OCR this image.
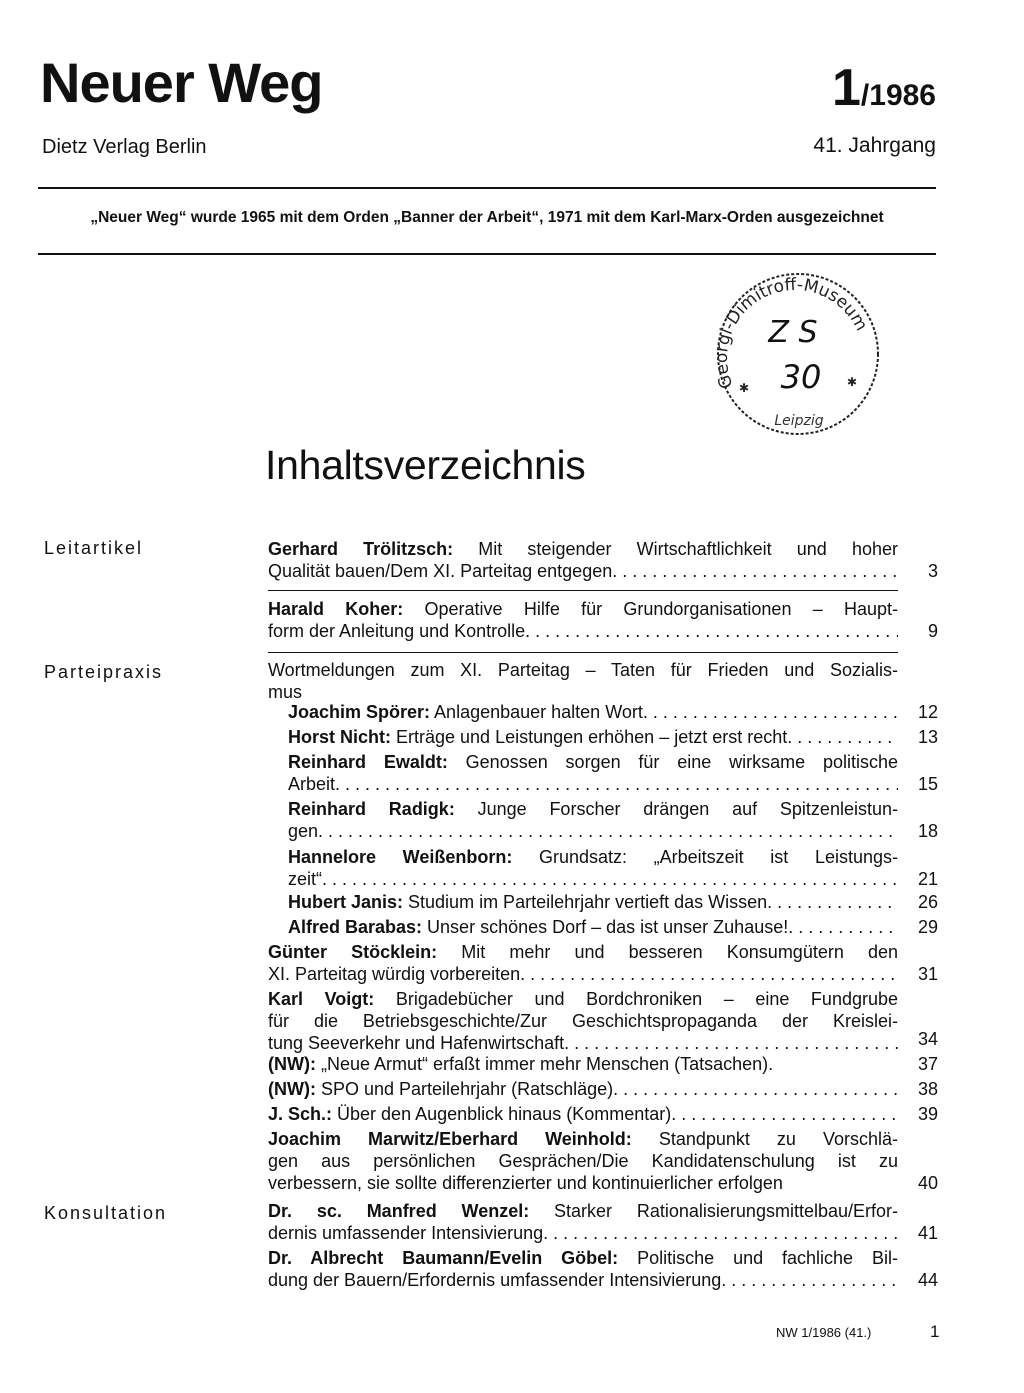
Neuer Weg
Dietz Verlag Berlin
1/1986
41. Jahrgang
„Neuer Weg“ wurde 1965 mit dem Orden „Banner der Arbeit“, 1971 mit dem Karl-Marx-Orden ausgezeichnet
Georgi-Dimitroff-Museum
Leipzig
Z S
30
✱	✱
Inhaltsverzeichnis
Leitartikel
Parteipraxis
Konsultation
Gerhard Trölitzsch: Mit steigender Wirtschaftlichkeit und hoher
Qualität bauen/Dem XI. Parteitag entgegen . . .	3
Harald Koher: Operative Hilfe für Grundorganisationen – Haupt-
form der Anleitung und Kontrolle . . .	9
Wortmeldungen zum XI. Parteitag – Taten für Frieden und Sozialis-
mus
Joachim Spörer: Anlagenbauer halten Wort . . .	12
Horst Nicht: Erträge und Leistungen erhöhen – jetzt erst recht . . .	13
Reinhard Ewaldt: Genossen sorgen für eine wirksame politische
Arbeit . . .	15
Reinhard Radigk: Junge Forscher drängen auf Spitzenleistun-
gen . . .	18
Hannelore Weißenborn: Grundsatz: „Arbeitszeit ist Leistungs-
zeit“ . . .	21
Hubert Janis: Studium im Parteilehrjahr vertieft das Wissen . . .	26
Alfred Barabas: Unser schönes Dorf – das ist unser Zuhause! . . .	29
Günter Stöcklein: Mit mehr und besseren Konsumgütern den
XI. Parteitag würdig vorbereiten . . .	31
Karl Voigt: Brigadebücher und Bordchroniken – eine Fundgrube
für die Betriebsgeschichte/Zur Geschichtspropaganda der Kreislei-
tung Seeverkehr und Hafenwirtschaft . . .	34
(NW): „Neue Armut“ erfaßt immer mehr Menschen (Tatsachen).	37
(NW): SPO und Parteilehrjahr (Ratschläge) . . .	38
J. Sch.: Über den Augenblick hinaus (Kommentar) . . .	39
Joachim Marwitz/Eberhard Weinhold: Standpunkt zu Vorschlä-
gen aus persönlichen Gesprächen/Die Kandidatenschulung ist zu
verbessern, sie sollte differenzierter und kontinuierlicher erfolgen	40
Dr. sc. Manfred Wenzel: Starker Rationalisierungsmittelbau/Erfor-
dernis umfassender Intensivierung . . .	41
Dr. Albrecht Baumann/Evelin Göbel: Politische und fachliche Bil-
dung der Bauern/Erfordernis umfassender Intensivierung . . .	44
NW 1/1986 (41.)	1
